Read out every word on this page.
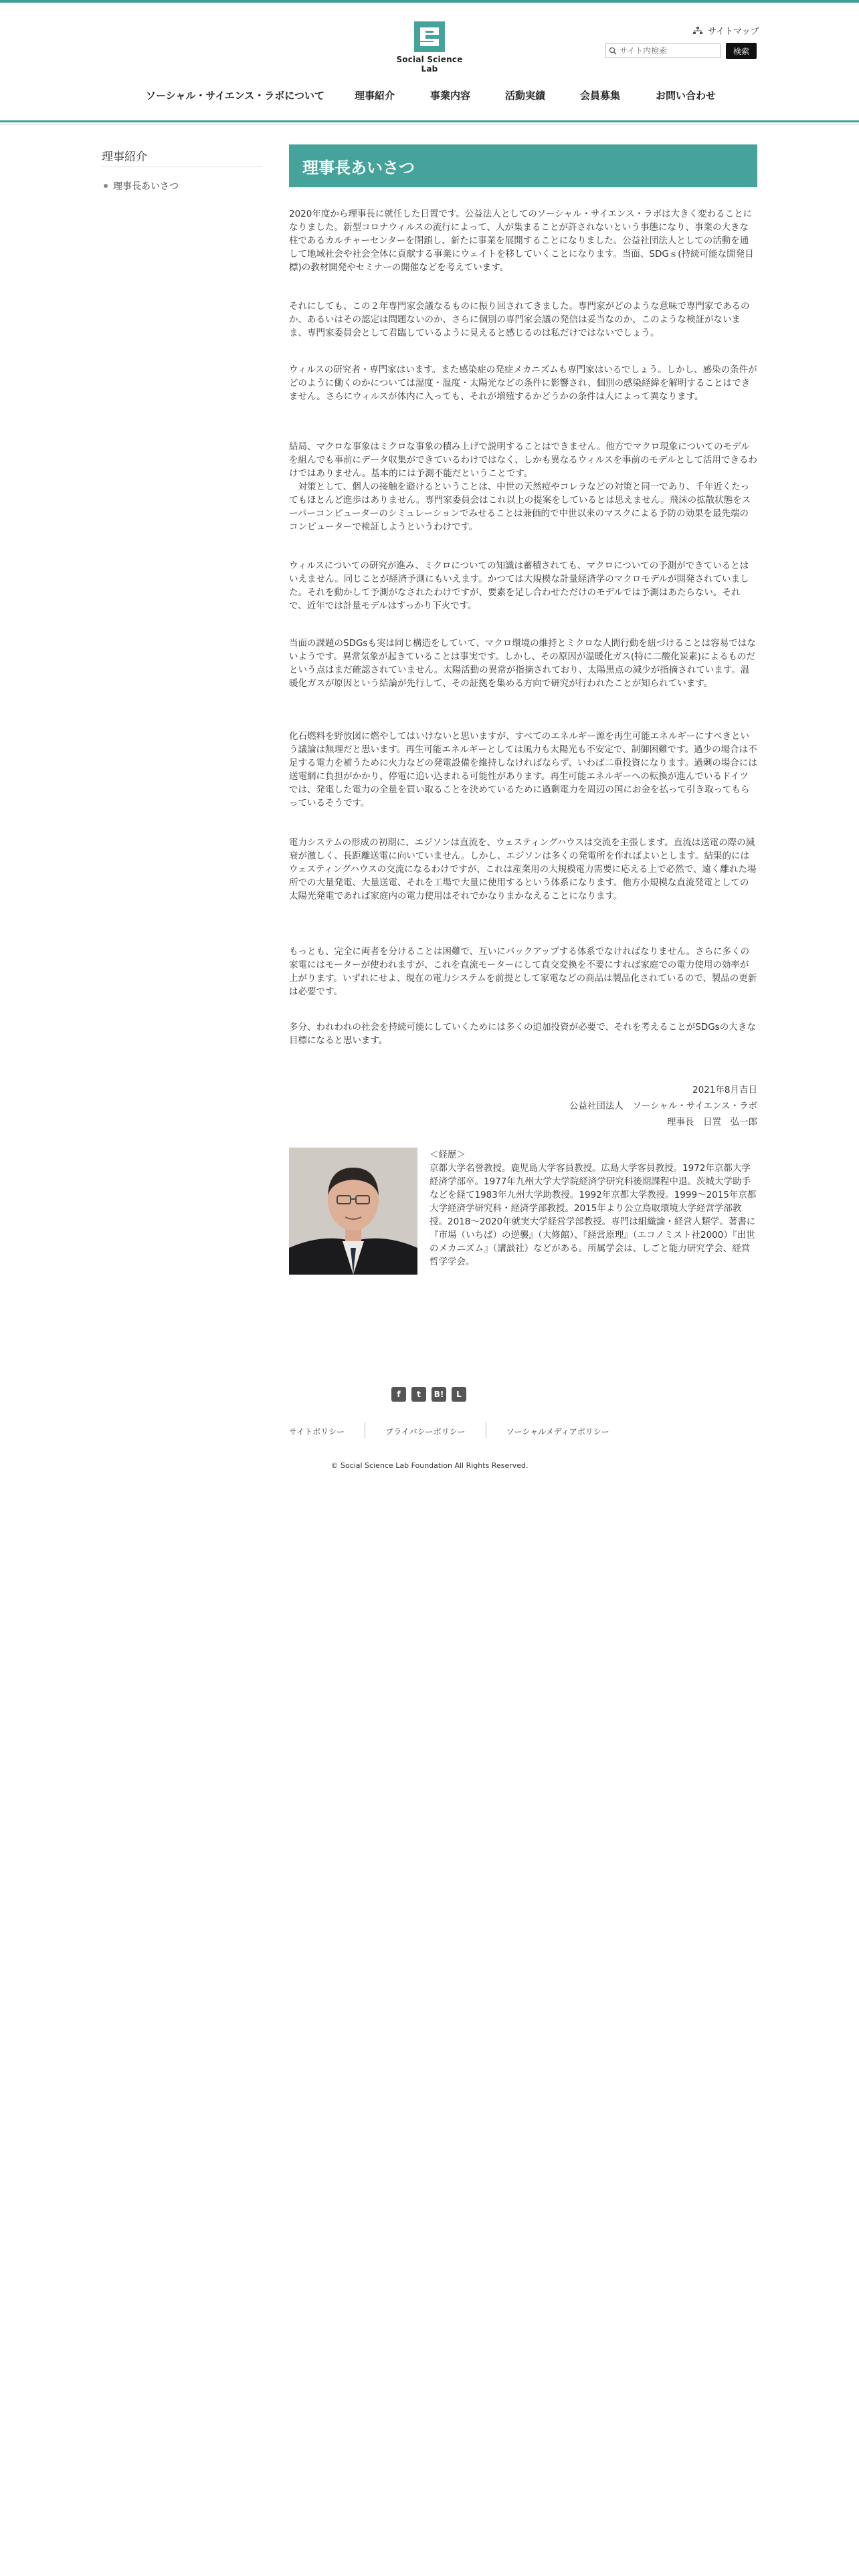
Social Science Lab
サイトマップ
サイト内検索
検索
ソーシャル・サイエンス・ラボについて	理事紹介	事業内容	活動実績	会員募集	お問い合わせ
理事紹介
理事長あいさつ
理事長あいさつ

2020年度から理事長に就任した日置です。公益法人としてのソーシャル・サイエンス・ラボは大きく変わることになりました。新型コロナウィルスの流行によって、人が集まることが許されないという事態になり、事業の大きな柱であるカルチャーセンターを閉鎖し、新たに事業を展開することになりました。公益社団法人としての活動を通して地域社会や社会全体に貢献する事業にウェイトを移していくことになります。当面、SDGｓ(持続可能な開発目標)の教材開発やセミナーの開催などを考えています。

それにしても、この２年専門家会議なるものに振り回されてきました。専門家がどのような意味で専門家であるのか、あるいはその認定は問題ないのか、さらに個別の専門家会議の発信は妥当なのか、このような検証がないまま、専門家委員会として君臨しているように見えると感じるのは私だけではないでしょう。

ウィルスの研究者・専門家はいます。また感染症の発症メカニズムも専門家はいるでしょう。しかし、感染の条件がどのように働くのかについては湿度・温度・太陽光などの条件に影響され、個別の感染経緯を解明することはできません。さらにウィルスが体内に入っても、それが増殖するかどうかの条件は人によって異なります。

結局、マクロな事象はミクロな事象の積み上げで説明することはできません。他方でマクロ現象についてのモデルを組んでも事前にデータ収集ができているわけではなく、しかも異なるウィルスを事前のモデルとして活用できるわけではありません。基本的には予測不能だということです。
　対策として、個人の接触を避けるということは、中世の天然痘やコレラなどの対策と同一であり、千年近くたってもほとんど進歩はありません。専門家委員会はこれ以上の提案をしているとは思えません。飛沫の拡散状態をスーパーコンピューターのシミュレーションでみせることは兼価的で中世以来のマスクによる予防の効果を最先端のコンピューターで検証しようというわけです。

ウィルスについての研究が進み、ミクロについての知識は蓄積されても、マクロについての予測ができているとはいえません。同じことが経済予測にもいえます。かつては大規模な計量経済学のマクロモデルが開発されていました。それを動かして予測がなされたわけですが、要素を足し合わせただけのモデルでは予測はあたらない。それで、近年では計量モデルはすっかり下火です。

当面の課題のSDGsも実は同じ構造をしていて、マクロ環境の維持とミクロな人間行動を紐づけることは容易ではないようです。異常気象が起きていることは事実です。しかし、その原因が温暖化ガス(特に二酸化炭素)によるものだという点はまだ確認されていません。太陽活動の異常が指摘されており、太陽黒点の減少が指摘されています。温暖化ガスが原因という結論が先行して、その証拠を集める方向で研究が行われたことが知られています。

化石燃料を野放図に燃やしてはいけないと思いますが、すべてのエネルギー源を再生可能エネルギーにすべきという議論は無理だと思います。再生可能エネルギーとしては風力も太陽光も不安定で、制御困難です。過少の場合は不足する電力を補うために火力などの発電設備を維持しなければならず、いわば二重投資になります。過剰の場合には送電網に負担がかかり、停電に追い込まれる可能性があります。再生可能エネルギーへの転換が進んでいるドイツでは、発電した電力の全量を買い取ることを決めているために過剰電力を周辺の国にお金を払って引き取ってもらっているそうです。

電力システムの形成の初期に、エジソンは直流を、ウェスティングハウスは交流を主張します。直流は送電の際の減衰が激しく、長距離送電に向いていません。しかし、エジソンは多くの発電所を作ればよいとします。結果的にはウェスティングハウスの交流になるわけですが、これは産業用の大規模電力需要に応える上で必然で、遠く離れた場所での大量発電、大量送電、それを工場で大量に使用するという体系になります。他方小規模な直流発電としての太陽光発電であれば家庭内の電力使用はそれでかなりまかなえることになります。

もっとも、完全に両者を分けることは困難で、互いにバックアップする体系でなければなりません。さらに多くの家電にはモーターが使われますが、これを直流モーターにして直交変換を不要にすれば家庭での電力使用の効率が上がります。いずれにせよ、現在の電力システムを前提として家電などの商品は製品化されているので、製品の更新は必要です。

多分、われわれの社会を持続可能にしていくためには多くの追加投資が必要で、それを考えることがSDGsの大きな目標になると思います。

2021年8月吉日
公益社団法人　ソーシャル・サイエンス・ラボ
理事長　日置　弘一郎
＜経歴＞
京都大学名誉教授。鹿児島大学客員教授。広島大学客員教授。1972年京都大学経済学部卒。1977年九州大学大学院経済学研究科後期課程中退。茨城大学助手などを経て1983年九州大学助教授。1992年京都大学教授。1999〜2015年京都大学経済学研究科・経済学部教授。2015年より公立鳥取環境大学経営学部教授。2018〜2020年就実大学経営学部教授。専門は組織論・経営人類学。著書に『市場（いちば）の逆襲』（大修館）、『経営原理』（エコノミスト社2000）『出世のメカニズム』（講談社）などがある。所属学会は、しごと能力研究学会、経営哲学学会。
f	t	B!	L
サイトポリシー	プライバシーポリシー	ソーシャルメディアポリシー
© Social Science Lab Foundation All Rights Reserved.
